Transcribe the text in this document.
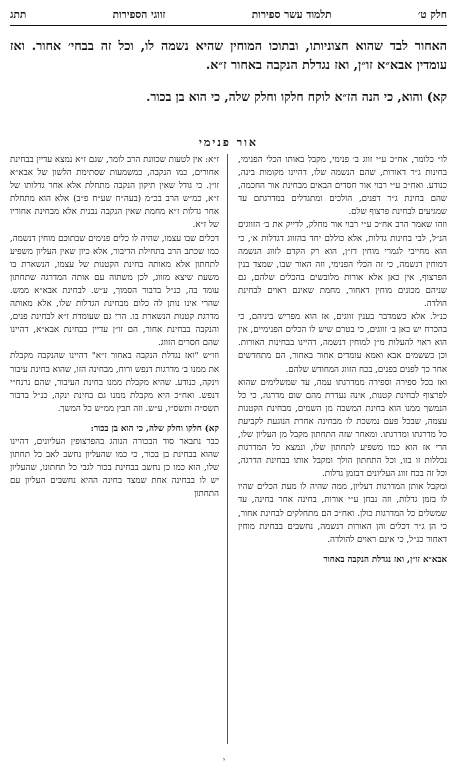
חלק ט׳
תלמוד עשר ספירות
זווגי הספירות
תתג
האחור לבד שהוא חצוניותו, ובתוכו המוחין שהיא נשמה לו, וכל זה בבחי׳ אחור. ואז עומדין אבא״א זו״ן, ואז נגדלת הנקבה באחור ז״א.
קא) והוא, כי הנה הז״א לוקח חלקו וחלק שלה, כי הוא בן בכור.
אור פנימי

לו״ כלומר, אח״כ ע״י זווג ב׳ פנימי, מקבל באותו הכלי הפנימי, בחינות ג״ר דאורות, שהם הנשמה שלו, דהיינו מקומות בינה, כנודע. ואח״כ ע״י רבוי אור חסדים הבאים מבחינת אור החכמה, שהם בחינת ג״ר דפנים, הולכים ומתגדלים במדרגתם עד שמגיעים לבחינת פרצוף שלם.

וזהו שאמר הרב אח״כ ע״י רבוי אור מחלק, לדייק את ב׳ הזווגים הנ״ל, לבי בחינות גדלות, אלא כוללם יחד בהזווג דגדלות א׳, כי הוא מחייבי לגמרי מוחין דז״ן, הוא רק הקדם לזווג הנשמה דמוחין דנשמה, כי זה הכלי הפנימי, וזה האור שבו, שמצד בנין הפרצוף, אין כאן אלא אורות מלובשים בהכלים שלהם, גם שניהם מכונים מוחין דאחור, מחמת שאינם ראוים לבחינת הולדה.

כנ״ל. אלא כשמדבר בענין זווגים, אז הוא מפריש ביניהם, כי בהכרח יש כאן ב׳ זווגים, כי בטרם שיש לו הכלים הפנימיים, אין הוא ראוי להעלות מ״ן למוחין דנשמה, דהיינו בבחינות האורות. וכן כששמים אבא ואמא עומדים אחור באחור, הם מתחדשים אחר כך לפנים בפנים, בכח הזווג המחודש שלהם.

ואז בכל ספירה וספירה ממדרגתו עמה, עד שמשלימים שהוא לפרצוף לבחינת קטנות, אינה נעדרת מהם שום מדרגה, כי כל הנמשך ממנו הוא בחינת המשכה מן השמים, מבחינת הקטנות עצמה, שבכל פעם נמשכת לו מבחינה אחרת הנוגעת לקביעת כל מדרגתו ומדרגתו. ומאחר שזה התחתון מקבל מן העליון שלו, הרי אז הוא כמו משפיע לתחתון שלו, ונמצא כל המדרגות נכללות זו בזו, וכל התחתון הולך ומקבל אותו בבחינת הדרגה, וכל זה בכח זווג העליונים דבזמן גדלות.

ומקבל אותן המדרגות דעליון, ממה שהיה לו מעת הכלים שהיו לו בזמן גדלות, וזה נבחן ע״י אורות, בחינה אחר בחינה, עד שמשלים כל המדרגות כולן. ואח״כ הם מתחלקים לבחינת אחור, כי הן ג״ר דכלים והן האורות דנשמה, נחשבים בבחינת מוחין דאחור כנ״ל, כי אינם ראוים להולדה.

אבא״א זו״ן, ואז נגדלת הנקבה באחור

ז״א: אין לטעות שכוונת הרב לומר, שגם ז״א נמצא עדיין בבחינת אחורים, כמו הנקבה, כמשמעות שסתימת הלשון של אבא״א זו״ן. כי גודל שאין תיקון הנקבה מתחלת אלא אחר גדלותו של ז״א, כמ״ש הרב בכ״מ (בעה״ח שע״ח פ״ב) אלא הוא מתחלת אחר גדלות ז״א מחמת שאין הנקבה נבנית אלא מבחינת אחוריו של ז״א.

דכלים שבו עצמו, שהיה לו כלים פנימים שבתוכם מוחין דנשמה, כמו שכתב הרב בתחילת הדיבור, אלא כיון שאין העליון משפיע לתחתון אלא מאותה בחינת הקטנות של עצמו, הנשארת בו משעת שיצא מזווג, לכן משתוה עם אותה המדרגה שתחתון עומד בה, כנ״ל בדבור הסמוך, ע״ש. לבחינת אבא״א ממש. שהרי אינו נותן לה כלום מבחינת הגדלות שלו, אלא מאותה מדרגת קטנות הנשארת בו. הרי גם שעומדת ז״א לבחינת פנים, והנקבה בבחינת אחור, הם זו״ן עדיין בבחינת אבא״א, דהיינו שהם חסרים הזווג.

וזו״ש "ואז נגדלת הנקבה באחור ז״א" דהיינו שהנקבה מקבלת את ממנו ב׳ מדרגות דנפש ורוח, מבחינה הזו, שהוא בחינת עיבור וינקה, כנודע. שהיא מקבלת ממנו בחינת העיבור, שהם נרנח״י דנפש. ואח״כ היא מקבלת ממנו גם בחינת ינקה, כנ״ל בדבור תשס״ה ותשס״ו, ע״ש. וזה תבין ממ״ש כל המשך.

קא) חלקו וחלק שלה, כי הוא בן בכור:

כבר נתבאר סוד הבכורה הנוהג בהפרצופין העליונים, דהיינו שהוא בבחינת בן בכור, כי כמו שהעליון נחשב לאב כל תחתון שלו, הוא כמו כן נחשב בבחינת בכור לגבי כל תחתונו, שהעליון יש לו בבחינה אחת שמצד בחינה ההיא נחשבים העליון עם התחתון

י
